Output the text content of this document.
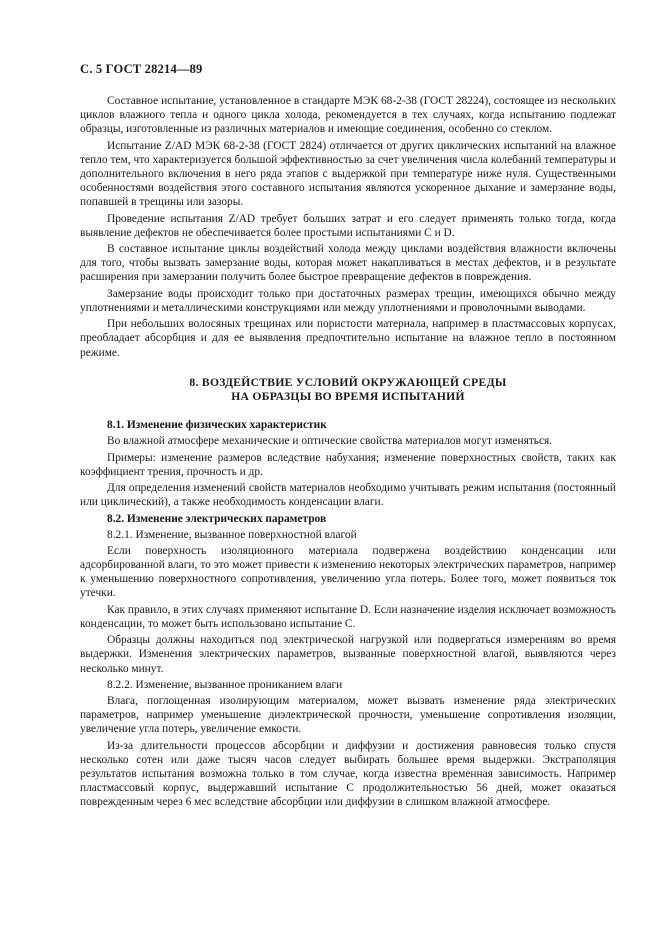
С. 5 ГОСТ 28214—89

Составное испытание, установленное в стандарте МЭК 68-2-38 (ГОСТ 28224), состоящее из нескольких циклов влажного тепла и одного цикла холода, рекомендуется в тех случаях, когда испытанию подлежат образцы, изготовленные из различных материалов и имеющие соединения, особенно со стеклом.

Испытание Z/AD МЭК 68-2-38 (ГОСТ 2824) отличается от других циклических испытаний на влажное тепло тем, что характеризуется большой эффективностью за счет увеличения числа колебаний температуры и дополнительного включения в него ряда этапов с выдержкой при температуре ниже нуля. Существенными особенностями воздействия этого составного испытания являются ускоренное дыхание и замерзание воды, попавшей в трещины или зазоры.

Проведение испытания Z/AD требует больших затрат и его следует применять только тогда, когда выявление дефектов не обеспечивается более простыми испытаниями С и D.

В составное испытание циклы воздействий холода между циклами воздействия влажности включены для того, чтобы вызвать замерзание воды, которая может накапливаться в местах дефектов, и в результате расширения при замерзании получить более быстрое превращение дефектов в повреждения.

Замерзание воды происходит только при достаточных размерах трещин, имеющихся обычно между уплотнениями и металлическими конструкциями или между уплотнениями и проволочными выводами.

При небольших волосяных трещинах или пористости материала, например в пластмассовых корпусах, преобладает абсорбция и для ее выявления предпочтительно испытание на влажное тепло в постоянном режиме.

8. ВОЗДЕЙСТВИЕ УСЛОВИЙ ОКРУЖАЮЩЕЙ СРЕДЫ
НА ОБРАЗЦЫ ВО ВРЕМЯ ИСПЫТАНИЙ

8.1. Изменение физических характеристик

Во влажной атмосфере механические и оптические свойства материалов могут изменяться.

Примеры: изменение размеров вследствие набухания; изменение поверхностных свойств, таких как коэффициент трения, прочность и др.

Для определения изменений свойств материалов необходимо учитывать режим испытания (постоянный или циклический), а также необходимость конденсации влаги.

8.2. Изменение электрических параметров

8.2.1. Изменение, вызванное поверхностной влагой

Если поверхность изоляционного материала подвержена воздействию конденсации или адсорбированной влаги, то это может привести к изменению некоторых электрических параметров, например к уменьшению поверхностного сопротивления, увеличению угла потерь. Более того, может появиться ток утечки.

Как правило, в этих случаях применяют испытание D. Если назначение изделия исключает возможность конденсации, то может быть использовано испытание С.

Образцы должны находиться под электрической нагрузкой или подвергаться измерениям во время выдержки. Изменения электрических параметров, вызванные поверхностной влагой, выявляются через несколько минут.

8.2.2. Изменение, вызванное прониканием влаги

Влага, поглощенная изолирующим материалом, может вызвать изменение ряда электрических параметров, например уменьшение диэлектрической прочности, уменьшение сопротивления изоляции, увеличение угла потерь, увеличение емкости.

Из-за длительности процессов абсорбции и диффузии и достижения равновесия только спустя несколько сотен или даже тысяч часов следует выбирать большее время выдержки. Экстраполяция результатов испытания возможна только в том случае, когда известна временная зависимость. Например пластмассовый корпус, выдержавший испытание С продолжительностью 56 дней, может оказаться поврежденным через 6 мес вследствие абсорбции или диффузии в слишком влажной атмосфере.
